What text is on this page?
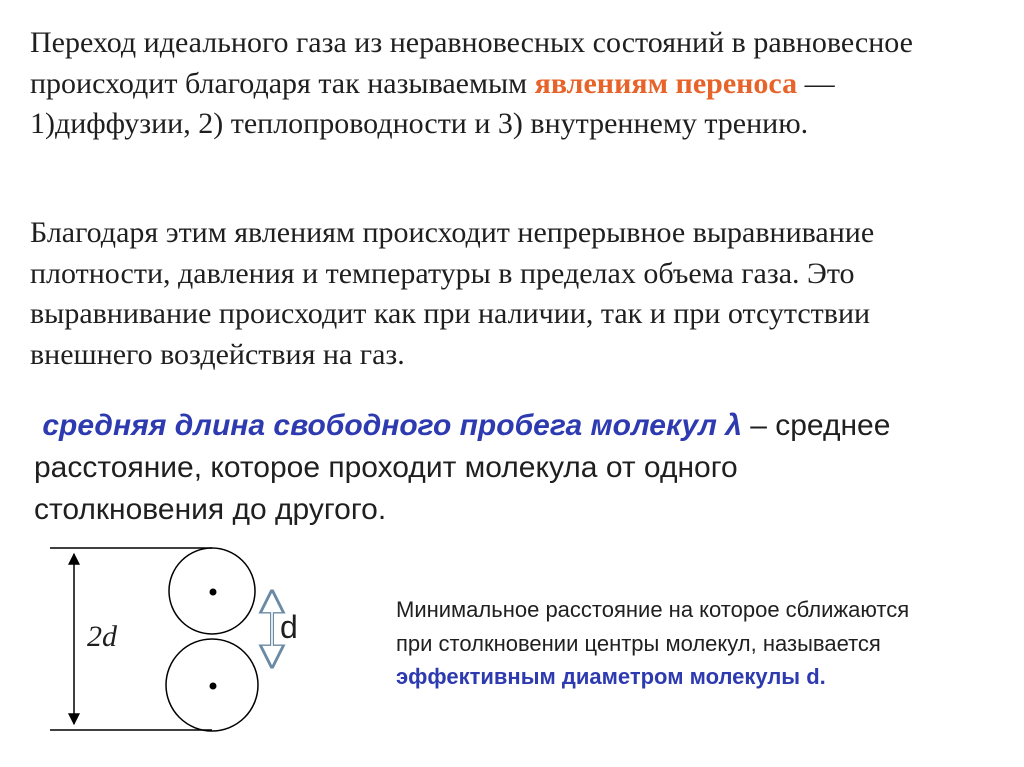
Переход идеального газа из неравновесных состояний в равновесное происходит благодаря так называемым явлениям переноса — 1)диффузии, 2) теплопроводности и 3) внутреннему трению.
Благодаря этим явлениям происходит непрерывное выравнивание плотности, давления и температуры в пределах объема газа. Это выравнивание происходит как при наличии, так и при отсутствии внешнего воздействия на газ.
средняя длина свободного пробега молекул λ – среднее расстояние, которое проходит молекула от одного столкновения до другого.
2d	d	Минимальное расстояние на которое сближаются при столкновении центры молекул, называется эффективным диаметром молекулы d.
